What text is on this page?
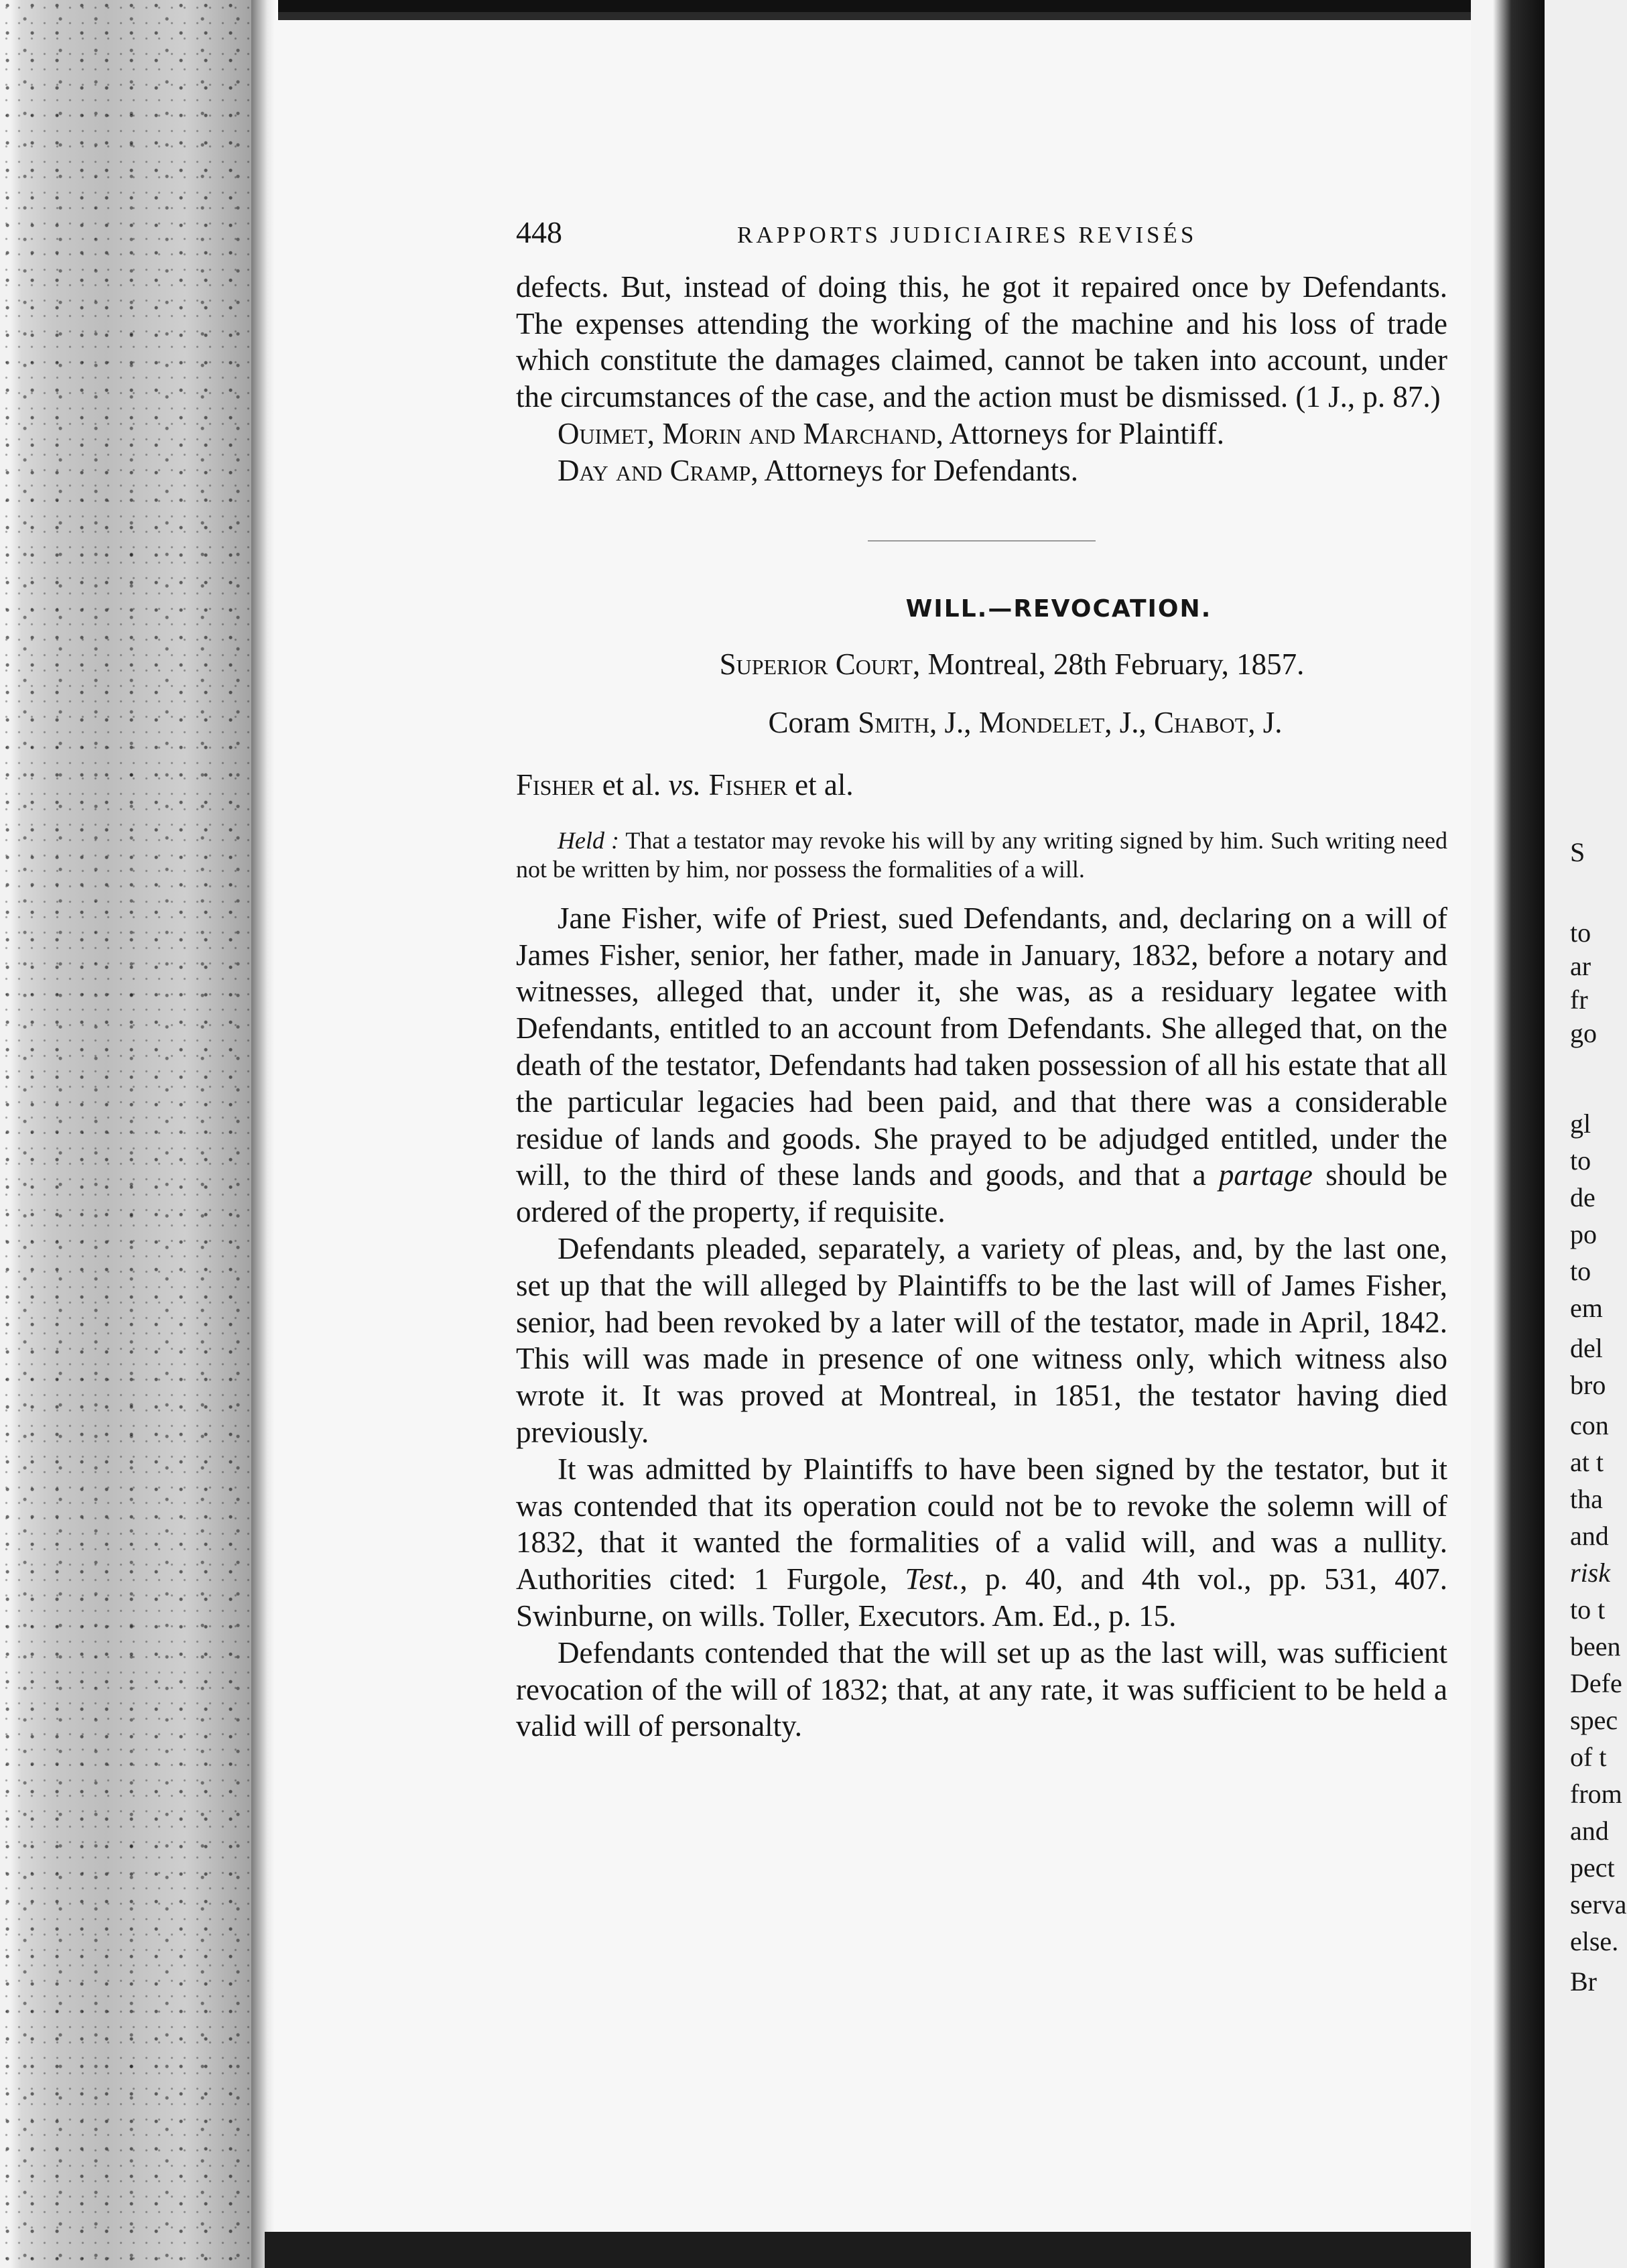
S
to
ar
fr
go
gl
to
de
po
to
em
del
bro
con
at t
tha
and
risk
to t
been
Defe
spec
of t
from
and
pect
serva
else.
Br
448	RAPPORTS JUDICIAIRES REVISÉS

defects. But, instead of doing this, he got it repaired once by Defendants. The expenses attending the working of the machine and his loss of trade which constitute the damages claimed, cannot be taken into account, under the circumstances of the case, and the action must be dismissed. (1 J., p. 87.)

Ouimet, Morin and Marchand, Attorneys for Plaintiff.

Day and Cramp, Attorneys for Defendants.

WILL.—REVOCATION.
Superior Court, Montreal, 28th February, 1857.
Coram Smith, J., Mondelet, J., Chabot, J.
Fisher et al. vs. Fisher et al.

Held : That a testator may revoke his will by any writing signed by him. Such writing need not be written by him, nor possess the formalities of a will.

Jane Fisher, wife of Priest, sued Defendants, and, declaring on a will of James Fisher, senior, her father, made in January, 1832, before a notary and witnesses, alleged that, under it, she was, as a residuary legatee with Defendants, entitled to an account from Defendants. She alleged that, on the death of the testator, Defendants had taken possession of all his estate that all the particular legacies had been paid, and that there was a considerable residue of lands and goods. She prayed to be adjudged entitled, under the will, to the third of these lands and goods, and that a partage should be ordered of the property, if requisite.

Defendants pleaded, separately, a variety of pleas, and, by the last one, set up that the will alleged by Plaintiffs to be the last will of James Fisher, senior, had been revoked by a later will of the testator, made in April, 1842. This will was made in presence of one witness only, which witness also wrote it. It was proved at Montreal, in 1851, the testator having died previously.

It was admitted by Plaintiffs to have been signed by the testator, but it was contended that its operation could not be to revoke the solemn will of 1832, that it wanted the formalities of a valid will, and was a nullity. Authorities cited: 1 Furgole, Test., p. 40, and 4th vol., pp. 531, 407. Swinburne, on wills. Toller, Executors. Am. Ed., p. 15.

Defendants contended that the will set up as the last will, was sufficient revocation of the will of 1832; that, at any rate, it was sufficient to be held a valid will of personalty.
